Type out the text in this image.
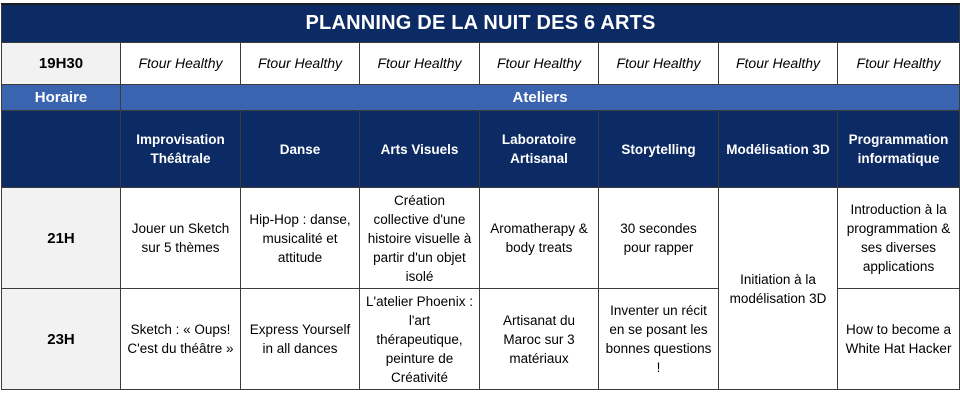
PLANNING DE LA NUIT DES 6 ARTS							
19H30	Ftour Healthy	Ftour Healthy	Ftour Healthy	Ftour Healthy	Ftour Healthy	Ftour Healthy	Ftour Healthy
Horaire	Ateliers						
	Improvisation Théâtrale	Danse	Arts Visuels	Laboratoire Artisanal	Storytelling	Modélisation 3D	Programmation informatique
21H	Jouer un Sketch sur 5 thèmes	Hip-Hop : danse, musicalité et attitude	Création collective d'une histoire visuelle à partir d'un objet isolé	Aromatherapy & body treats	30 secondes pour rapper	Initiation à la modélisation 3D	Introduction à la programmation & ses diverses applications
23H	Sketch : « Oups! C'est du théâtre »	Express Yourself in all dances	L'atelier Phoenix : l'art thérapeutique, peinture de Créativité	Artisanat du Maroc sur 3 matériaux	Inventer un récit en se posant les bonnes questions !		How to become a White Hat Hacker
